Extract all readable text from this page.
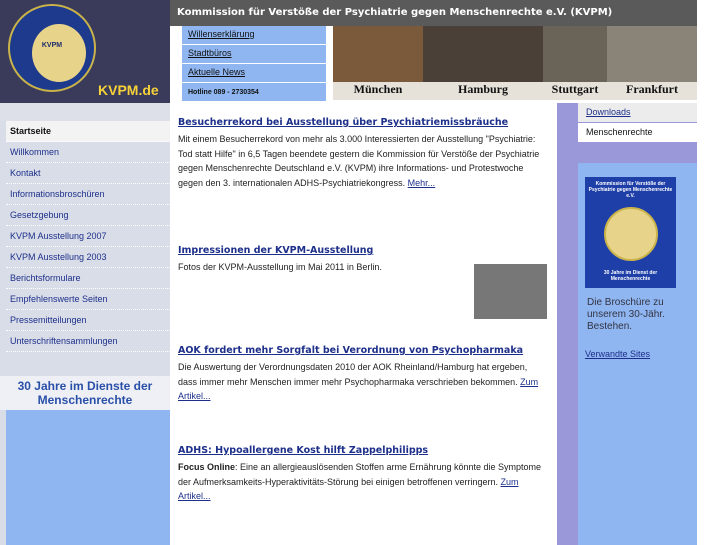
KVPM
KVPM.de
Kommission für Verstöße der Psychiatrie gegen Menschenrechte e.V. (KVPM)
Willenserklärung
Stadtbüros
Aktuelle News
Hotline 089 - 2730354	München	Hamburg	Stuttgart	Frankfurt
Startseite
Willkommen
Kontakt
Informationsbroschüren
Gesetzgebung
KVPM Ausstellung 2007
KVPM Ausstellung 2003
Berichtsformulare
Empfehlenswerte Seiten
Pressemitteilungen
Unterschriftensammlungen
30 Jahre im Dienste der Menschenrechte
Besucherrekord bei Ausstellung über Psychiatriemissbräuche
Mit einem Besucherrekord von mehr als 3.000 Interessierten der Ausstellung "Psychiatrie: Tod statt Hilfe" in 6,5 Tagen beendete gestern die Kommission für Verstöße der Psychiatrie gegen Menschenrechte Deutschland e.V. (KVPM) ihre Informations- und Protestwoche gegen den 3. internationalen ADHS-Psychiatriekongress. Mehr...
Impressionen der KVPM-Ausstellung
Fotos der KVPM-Ausstellung im Mai 2011 in Berlin.
AOK fordert mehr Sorgfalt bei Verordnung von Psychopharmaka
Die Auswertung der Verordnungsdaten 2010 der AOK Rheinland/Hamburg hat ergeben, dass immer mehr Menschen immer mehr Psychopharmaka verschrieben bekommen. Zum Artikel...
ADHS: Hypoallergene Kost hilft Zappelphilipps
Focus Online: Eine an allergieauslösenden Stoffen arme Ernährung könnte die Symptome der Aufmerksamkeits-Hyperaktivitäts-Störung bei einigen betroffenen verringern. Zum Artikel...
Downloads
Menschenrechte
Kommission für Verstöße der Psychiatrie gegen Menschenrechte e.V.
30 Jahre im Dienst der Menschenrechte
Die Broschüre zu unserem 30-Jähr. Bestehen.
Verwandte Sites
